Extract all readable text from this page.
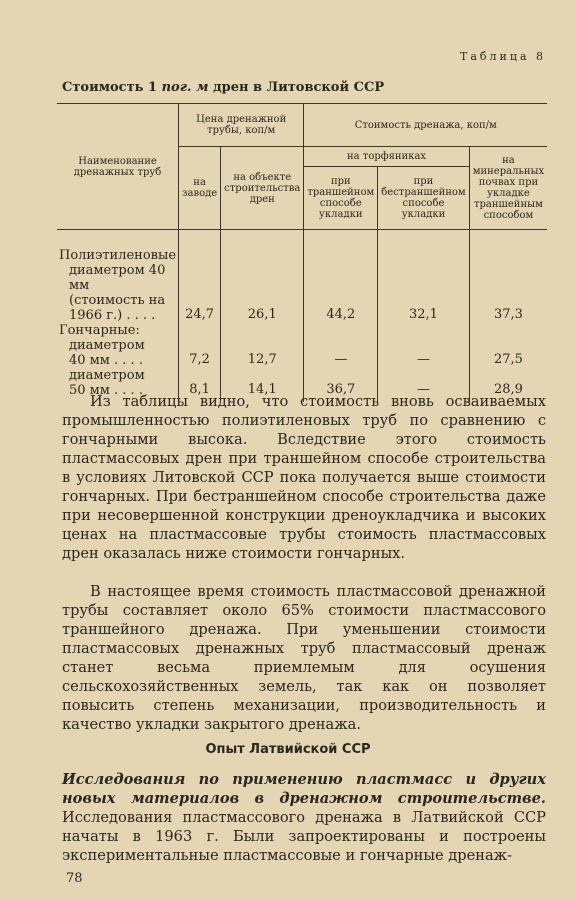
Таблица 8
Стоимость 1 пог. м дрен в Литовской ССР
Наименование дренажных труб	Цена дренажной трубы, коп/м		Стоимость дренажа, коп/м		
	на заводе	на объекте строительства дрен	на торфяниках		на минеральных почвах при укладке траншейным способом
			при траншейном способе укладки	при бестраншейном способе укладки	

Полиэтиленовые
диаметром 40 мм
(стоимость на
1966 г.) . . . .	24,7	26,1	44,2	32,1	37,3

Гончарные:					

диаметром
40 мм . . . .	7,2	12,7	—	—	27,5

диаметром
50 мм . . . .	8,1	14,1	36,7	—	28,9

Из таблицы видно, что стоимость вновь осваиваемых промышленностью полиэтиленовых труб по сравнению с гончарными высока. Вследствие этого стоимость пластмассовых дрен при траншейном способе строительства в условиях Литовской ССР пока получается выше стоимости гончарных. При бестраншейном способе строительства даже при несовершенной конструкции дреноукладчика и высоких ценах на пластмассовые трубы стоимость пластмассовых дрен оказалась ниже стоимости гончарных.

В настоящее время стоимость пластмассовой дренажной трубы составляет около 65% стоимости пластмассового траншейного дренажа. При уменьшении стоимости пластмассовых дренажных труб пластмассовый дренаж станет весьма приемлемым для осушения сельскохозяйственных земель, так как он позволяет повысить степень механизации, производительность и качество укладки закрытого дренажа.

Опыт Латвийской ССР

Исследования по применению пластмасс и других новых материалов в дренажном строительстве. Исследования пластмассового дренажа в Латвийской ССР начаты в 1963 г. Были запроектированы и построены экспериментальные пластмассовые и гончарные дренаж-

78
